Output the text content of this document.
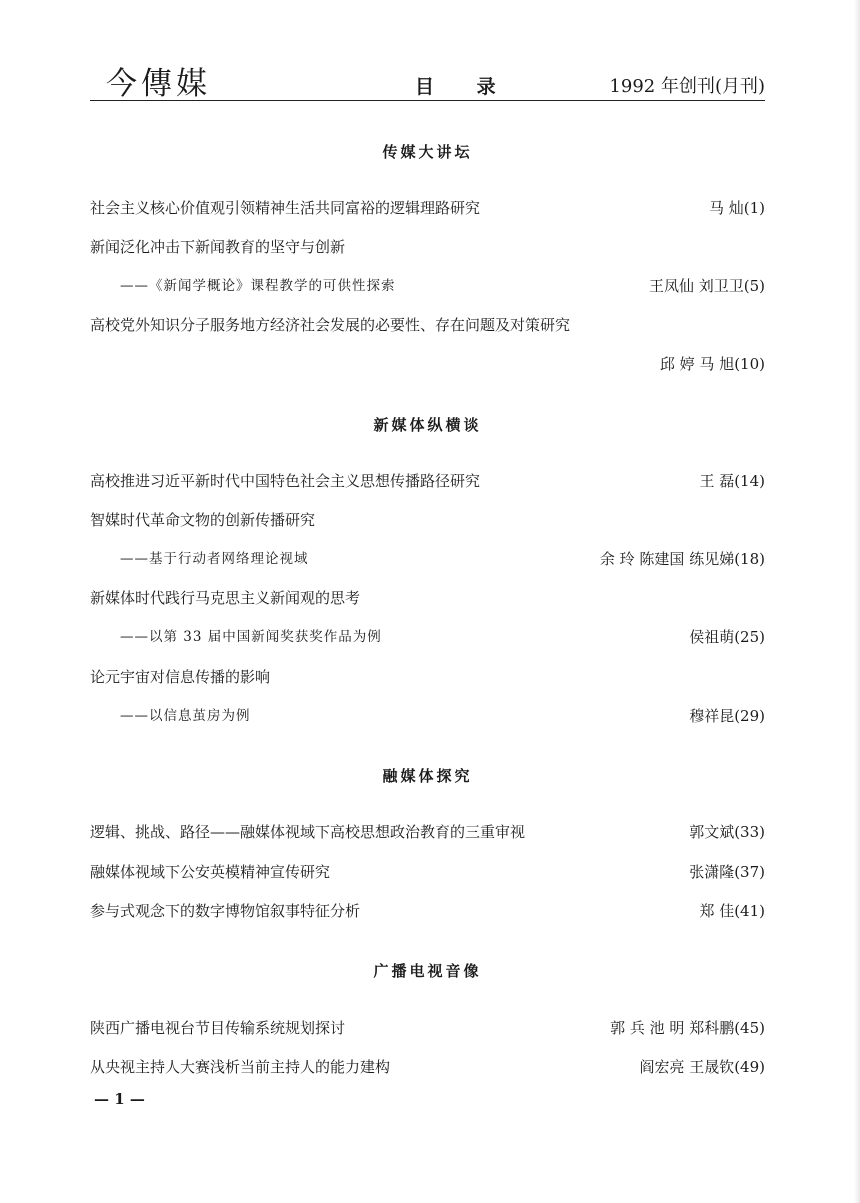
今傳媒	目 录	1992 年创刊(月刊)
传媒大讲坛
社会主义核心价值观引领精神生活共同富裕的逻辑理路研究	马 灿(1)
新闻泛化冲击下新闻教育的坚守与创新
——《新闻学概论》课程教学的可供性探索	王凤仙 刘卫卫(5)
高校党外知识分子服务地方经济社会发展的必要性、存在问题及对策研究
邱 婷 马 旭(10)
新媒体纵横谈
高校推进习近平新时代中国特色社会主义思想传播路径研究	王 磊(14)
智媒时代革命文物的创新传播研究
——基于行动者网络理论视域	余 玲 陈建国 练见娣(18)
新媒体时代践行马克思主义新闻观的思考
——以第 33 届中国新闻奖获奖作品为例	侯祖萌(25)
论元宇宙对信息传播的影响
——以信息茧房为例	穆祥昆(29)
融媒体探究
逻辑、挑战、路径——融媒体视域下高校思想政治教育的三重审视	郭文斌(33)
融媒体视域下公安英模精神宣传研究	张潇隆(37)
参与式观念下的数字博物馆叙事特征分析	郑 佳(41)
广播电视音像
陕西广播电视台节目传输系统规划探讨	郭 兵 池 明 郑科鹏(45)
从央视主持人大赛浅析当前主持人的能力建构	阎宏亮 王晟钦(49)
— 1 —
